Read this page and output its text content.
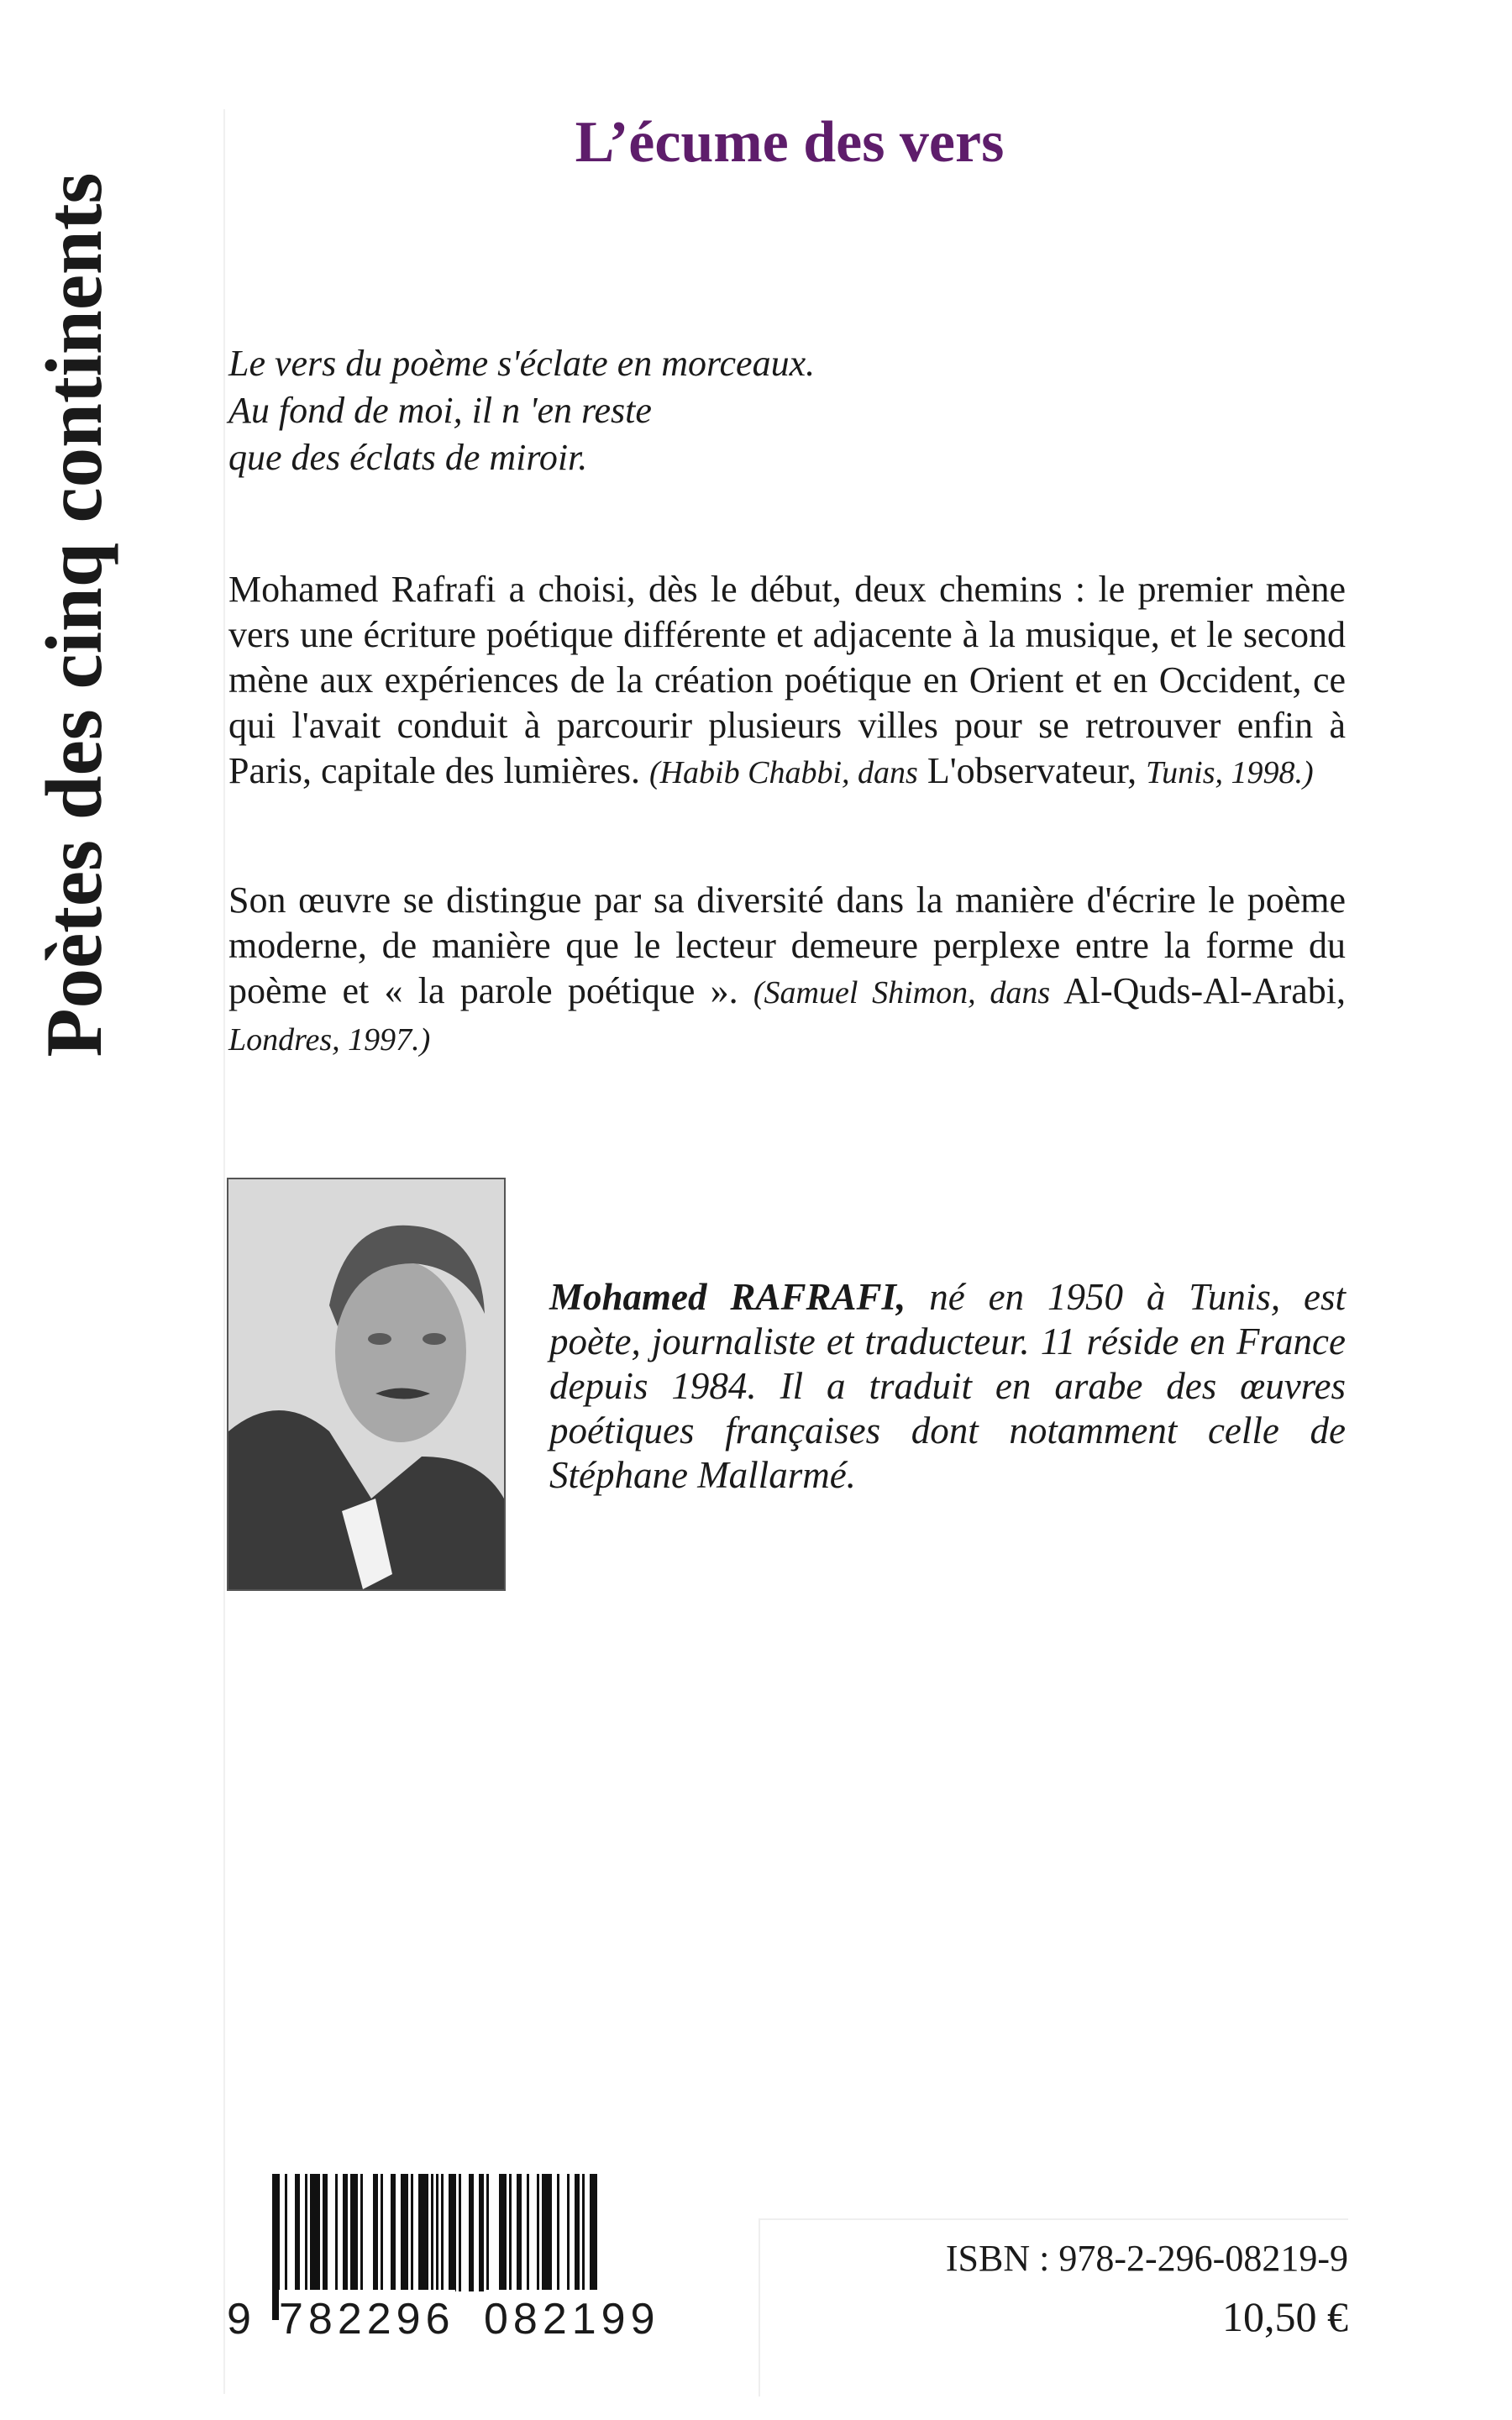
Poètes des cinq continents
L’écume des vers
Le vers du poème s'éclate en morceaux.
Au fond de moi, il n 'en reste
que des éclats de miroir.

Mohamed Rafrafi a choisi, dès le début, deux chemins : le premier mène vers une écriture poétique différente et adjacente à la musique, et le second mène aux expériences de la création poétique en Orient et en Occident, ce qui l'avait conduit à parcourir plusieurs villes pour se retrouver enfin à Paris, capitale des lumières. (Habib Chabbi, dans L'observateur, Tunis, 1998.)

Son œuvre se distingue par sa diversité dans la manière d'écrire le poème moderne, de manière que le lecteur demeure perplexe entre la forme du poème et « la parole poétique ». (Samuel Shimon, dans Al-Quds-Al-Arabi, Londres, 1997.)

Mohamed RAFRAFI, né en 1950 à Tunis, est poète, journaliste et traducteur. 11 réside en France depuis 1984. Il a traduit en arabe des œuvres poétiques françaises dont notamment celle de Stéphane Mallarmé.

9 782296 082199
ISBN : 978-2-296-08219-9
10,50 €
